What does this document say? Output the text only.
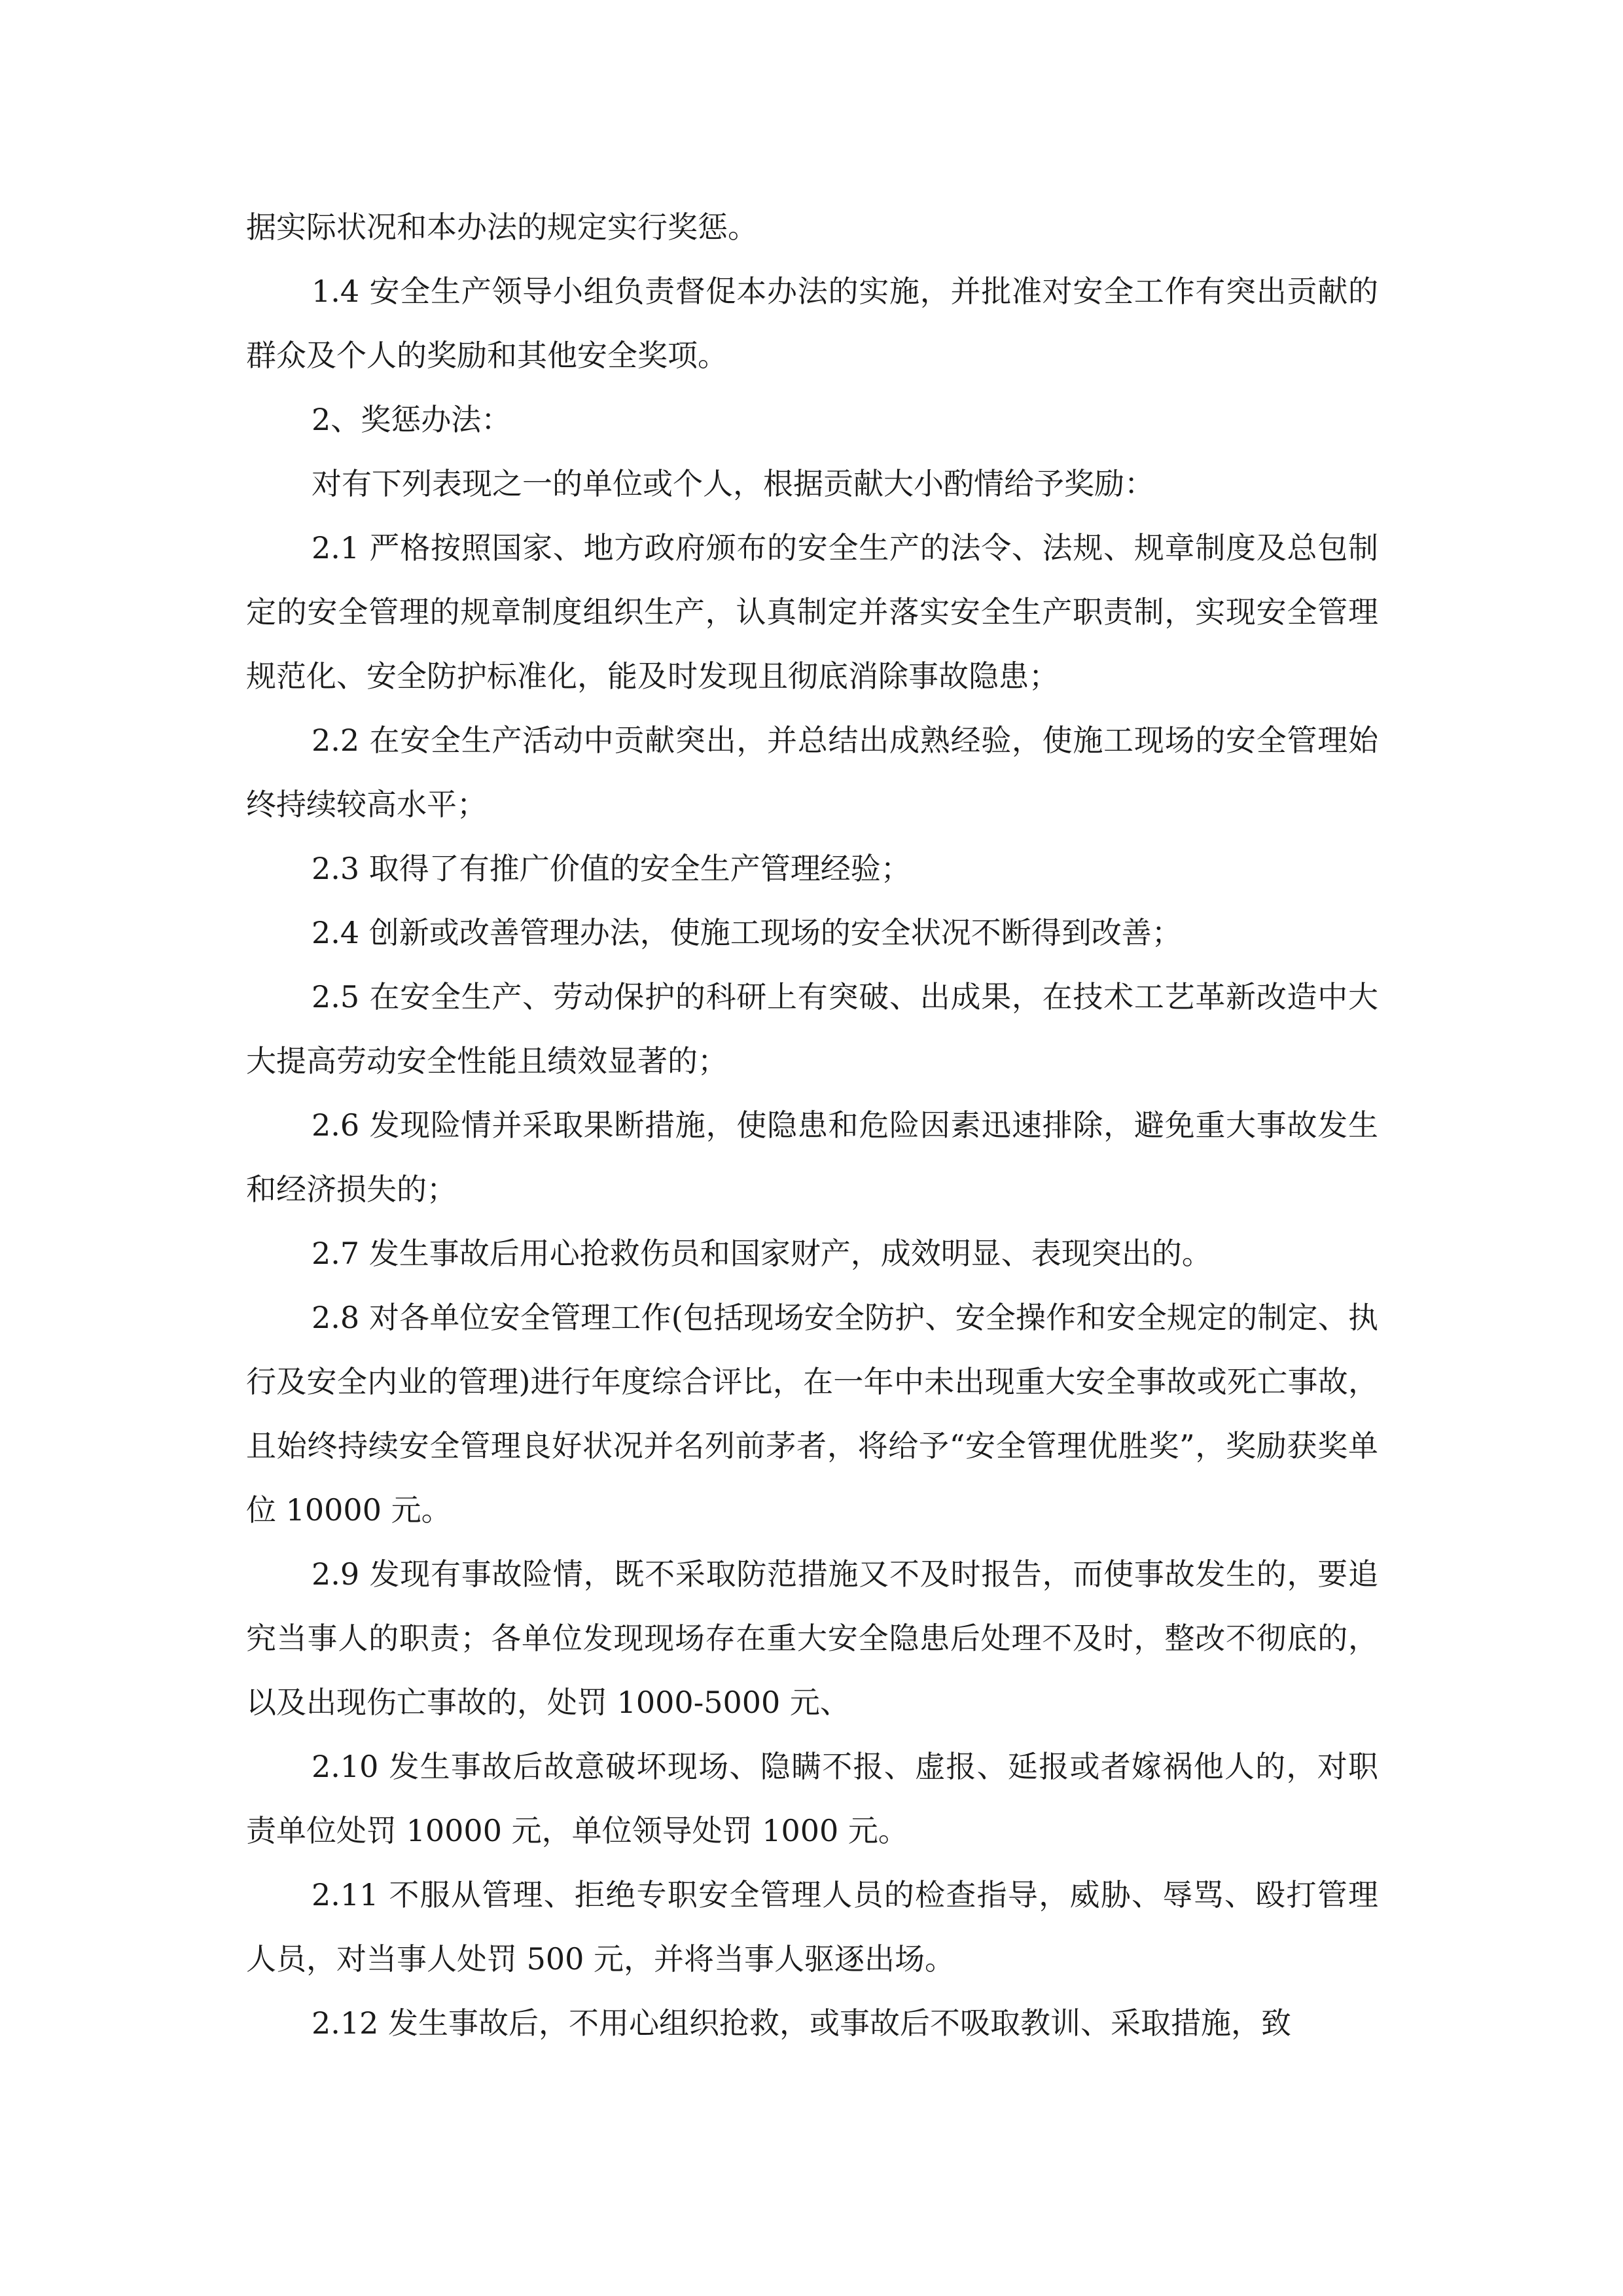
据实际状况和本办法的规定实行奖惩。

1.4 安全生产领导小组负责督促本办法的实施，并批准对安全工作有突出贡献的群众及个人的奖励和其他安全奖项。

2、奖惩办法：

对有下列表现之一的单位或个人，根据贡献大小酌情给予奖励：

2.1 严格按照国家、地方政府颁布的安全生产的法令、法规、规章制度及总包制定的安全管理的规章制度组织生产，认真制定并落实安全生产职责制，实现安全管理规范化、安全防护标准化，能及时发现且彻底消除事故隐患；

2.2 在安全生产活动中贡献突出，并总结出成熟经验，使施工现场的安全管理始终持续较高水平；

2.3 取得了有推广价值的安全生产管理经验；

2.4 创新或改善管理办法，使施工现场的安全状况不断得到改善；

2.5 在安全生产、劳动保护的科研上有突破、出成果，在技术工艺革新改造中大大提高劳动安全性能且绩效显著的；

2.6 发现险情并采取果断措施，使隐患和危险因素迅速排除，避免重大事故发生和经济损失的；

2.7 发生事故后用心抢救伤员和国家财产，成效明显、表现突出的。

2.8 对各单位安全管理工作(包括现场安全防护、安全操作和安全规定的制定、执行及安全内业的管理)进行年度综合评比，在一年中未出现重大安全事故或死亡事故，且始终持续安全管理良好状况并名列前茅者，将给予“安全管理优胜奖”，奖励获奖单位 10000 元。

2.9 发现有事故险情，既不采取防范措施又不及时报告，而使事故发生的，要追究当事人的职责；各单位发现现场存在重大安全隐患后处理不及时，整改不彻底的，以及出现伤亡事故的，处罚 1000-5000 元、

2.10 发生事故后故意破坏现场、隐瞒不报、虚报、延报或者嫁祸他人的，对职责单位处罚 10000 元，单位领导处罚 1000 元。

2.11 不服从管理、拒绝专职安全管理人员的检查指导，威胁、辱骂、殴打管理人员，对当事人处罚 500 元，并将当事人驱逐出场。

2.12 发生事故后，不用心组织抢救，或事故后不吸取教训、采取措施，致
